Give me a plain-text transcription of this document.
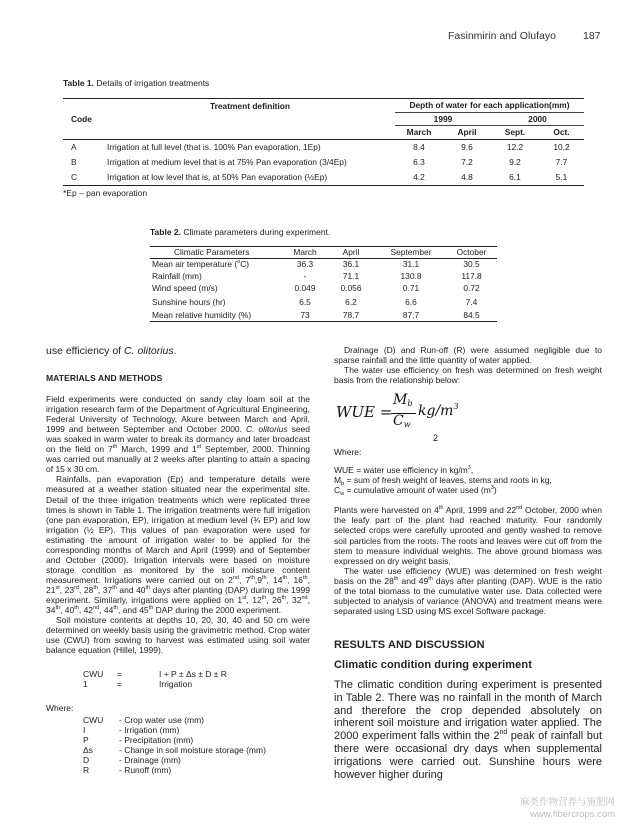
Fasinmirin and Olufayo	187
Table 1. Details of irrigation treatments
Code	Treatment definition	Depth of water for each application(mm)			
		1999		2000	
		March	April	Sept.	Oct.
A	Irrigation at full level (that is. 100% Pan evaporation, 1Ep)	8.4	9.6	12.2	10.2
B	Irrigation at medium level that is at 75% Pan evaporation (3/4Ep)	6.3	7.2	9.2	7.7
C	Irrigation at low level that is, at 50% Pan evaporation (½Ep)	4.2	4.8	6.1	5.1
*Ep – pan evaporation
Table 2. Climate parameters during experiment.
Climatic Parameters	March	April	September	October
Mean air temperature ($^o$C)	36.3	36.1	31.1	30.5
Rainfall (mm)	-	71.1	130.8	117.8
Wind speed (m/s)	0.049	0.056	0.71	0.72
Sunshine hours (hr)	6.5	6.2	6.6	7.4
Mean relative humidity (%)	73	78.7	87.7	84.5

use efficiency of C. olitorius.

MATERIALS AND METHODS

Field experiments were conducted on sandy clay loam soil at the irrigation research farm of the Department of Agricultural Engineering, Federal University of Technology, Akure between March and April, 1999 and between September and October 2000. C. olitorius seed was soaked in warm water to break its dormancy and later broadcast on the field on 7th March, 1999 and 1st September, 2000. Thinning was carried out manually at 2 weeks after planting to attain a spacing of 15 x 30 cm.

Rainfalls, pan evaporation (Ep) and temperature details were measured at a weather station situated near the experimental site. Detail of the three irrigation treatments which were replicated three times is shown in Table 1. The irrigation treatments were full irrigation (one pan evaporation, EP), irrigation at medium level (¾ EP) and low irrigation (½ EP). This values of pan evaporation were used for estimating the amount of irrigation water to be applied for the corresponding months of March and April (1999) and of September and October (2000). Irrigation intervals were based on moisture storage condition as monitored by the soil moisture content measurement. Irrigations were carried out on 2nd, 7th,9th, 14th, 16th, 21st, 23rd, 28th, 37th and 40th days after planting (DAP) during the 1999 experiment. Similarly, irrigations were applied on 1st, 12th, 26th, 32nd, 34th, 40th, 42nd, 44th, and 45th DAP during the 2000 experiment.

Soil moisture contents at depths 10, 20, 30, 40 and 50 cm were determined on weekly basis using the gravimetric method. Crop water use (CWU) from sowing to harvest was estimated using soil water balance equation (Hillel, 1999).

CWU =	I + P ± Δs ± D ± R
1	=	Irrigation

Where:

CWU - Crop water use (mm)
I	- Irrigation (mm)
P	- Precipitation (mm)
Δs	- Change in soil moisture storage (mm)
D	- Drainage (mm)
R	- Runoff (mm)

Drainage (D) and Run-off (R) were assumed negligible due to sparse rainfall and the little quantity of water applied.

The water use efficiency on fresh was determined on fresh weight basis from the relationship below:

WUE =
$M_b$
$C_w$
$kg/m^3$
2

Where:

WUE = water use efficiency in $kg/m^3$,

$M_b$ = sum of fresh weight of leaves, stems and roots in kg,

$C_w$ = cumulative amount of water used $(m^3)$

Plants were harvested on 4th April, 1999 and 22nd October, 2000 when the leafy part of the plant had reached maturity. Four randomly selected crops were carefully uprooted and gently washed to remove soil particles from the roots. The roots and leaves were cut off from the stem to measure individual weights. The above ground biomass was expressed on dry weight basis.

The water use efficiency (WUE) was determined on fresh weight basis on the 28th and 49th days after planting (DAP). WUE is the ratio of the total biomass to the cumulative water use. Data collected were subjected to analysis of variance (ANOVA) and treatment means were separated using LSD using MS excel Software package.

RESULTS AND DISCUSSION
Climatic condition during experiment

The climatic condition during experiment is presented in Table 2. There was no rainfall in the month of March and therefore the crop depended absolutely on inherent soil moisture and irrigation water applied. The 2000 experiment falls within the 2nd peak of rainfall but there were occasional dry days when supplemental irrigations were carried out. Sunshine hours were however higher during

麻类作物营养与施肥网
www.fibercrops.com
